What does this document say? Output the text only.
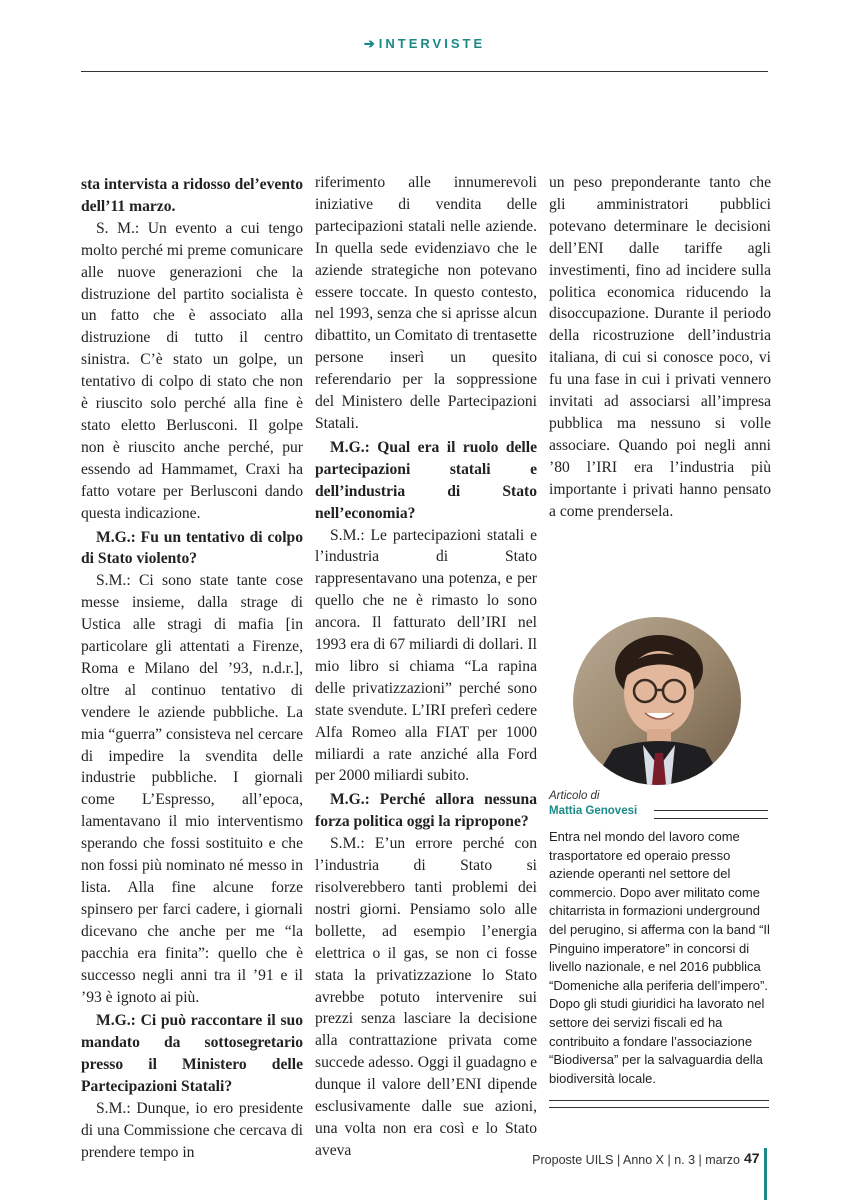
➔ INTERVISTE

sta intervista a ridosso del’evento dell’11 marzo.

S. M.: Un evento a cui tengo molto perché mi preme comunicare alle nuove generazioni che la distruzione del partito socialista è un fatto che è associato alla distruzione di tutto il centro sinistra. C’è stato un golpe, un tentativo di colpo di stato che non è riuscito solo perché alla fine è stato eletto Berlusconi. Il golpe non è riuscito anche perché, pur essendo ad Hammamet, Craxi ha fatto votare per Berlusconi dando questa indicazione.

M.G.: Fu un tentativo di colpo di Stato violento?

S.M.: Ci sono state tante cose messe insieme, dalla strage di Ustica alle stragi di mafia [in particolare gli attentati a Firenze, Roma e Milano del ’93, n.d.r.], oltre al continuo tentativo di vendere le aziende pubbliche. La mia “guerra” consisteva nel cercare di impedire la svendita delle industrie pubbliche. I giornali come L’Espresso, all’epoca, lamentavano il mio interventismo sperando che fossi sostituito e che non fossi più nominato né messo in lista. Alla fine alcune forze spinsero per farci cadere, i giornali dicevano che anche per me “la pacchia era finita”: quello che è successo negli anni tra il ’91 e il ’93 è ignoto ai più.

M.G.: Ci può raccontare il suo mandato da sottosegretario presso il Ministero delle Partecipazioni Statali?

S.M.: Dunque, io ero presidente di una Commissione che cercava di prendere tempo in

riferimento alle innumerevoli iniziative di vendita delle partecipazioni statali nelle aziende. In quella sede evidenziavo che le aziende strategiche non potevano essere toccate. In questo contesto, nel 1993, senza che si aprisse alcun dibattito, un Comitato di trentasette persone inserì un quesito referendario per la soppressione del Ministero delle Partecipazioni Statali.

M.G.: Qual era il ruolo delle partecipazioni statali e dell’industria di Stato nell’economia?

S.M.: Le partecipazioni statali e l’industria di Stato rappresentavano una potenza, e per quello che ne è rimasto lo sono ancora. Il fatturato dell’IRI nel 1993 era di 67 miliardi di dollari. Il mio libro si chiama “La rapina delle privatizzazioni” perché sono state svendute. L’IRI preferì cedere Alfa Romeo alla FIAT per 1000 miliardi a rate anziché alla Ford per 2000 miliardi subito.

M.G.: Perché allora nessuna forza politica oggi la ripropone?

S.M.: E’un errore perché con l’industria di Stato si risolverebbero tanti problemi dei nostri giorni. Pensiamo solo alle bollette, ad esempio l’energia elettrica o il gas, se non ci fosse stata la privatizzazione lo Stato avrebbe potuto intervenire sui prezzi senza lasciare la decisione alla contrattazione privata come succede adesso. Oggi il guadagno e dunque il valore dell’ENI dipende esclusivamente dalle sue azioni, una volta non era così e lo Stato aveva

un peso preponderante tanto che gli amministratori pubblici potevano determinare le decisioni dell’ENI dalle tariffe agli investimenti, fino ad incidere sulla politica economica riducendo la disoccupazione. Durante il periodo della ricostruzione dell’industria italiana, di cui si conosce poco, vi fu una fase in cui i privati vennero invitati ad associarsi all’impresa pubblica ma nessuno si volle associare. Quando poi negli anni ’80 l’IRI era l’industria più importante i privati hanno pensato a come prendersela.

Articolo di
Mattia Genovesi
Entra nel mondo del lavoro come trasportatore ed operaio presso aziende operanti nel settore del commercio. Dopo aver militato come chitarrista in formazioni underground del perugino, si afferma con la band “Il Pinguino imperatore” in concorsi di livello nazionale, e nel 2016 pubblica “Domeniche alla periferia dell’impero”. Dopo gli studi giuridici ha lavorato nel settore dei servizi fiscali ed ha contribuito a fondare l’associazione “Biodiversa” per la salvaguardia della biodiversità locale.
Proposte UILS | Anno X | n. 3 | marzo 47
